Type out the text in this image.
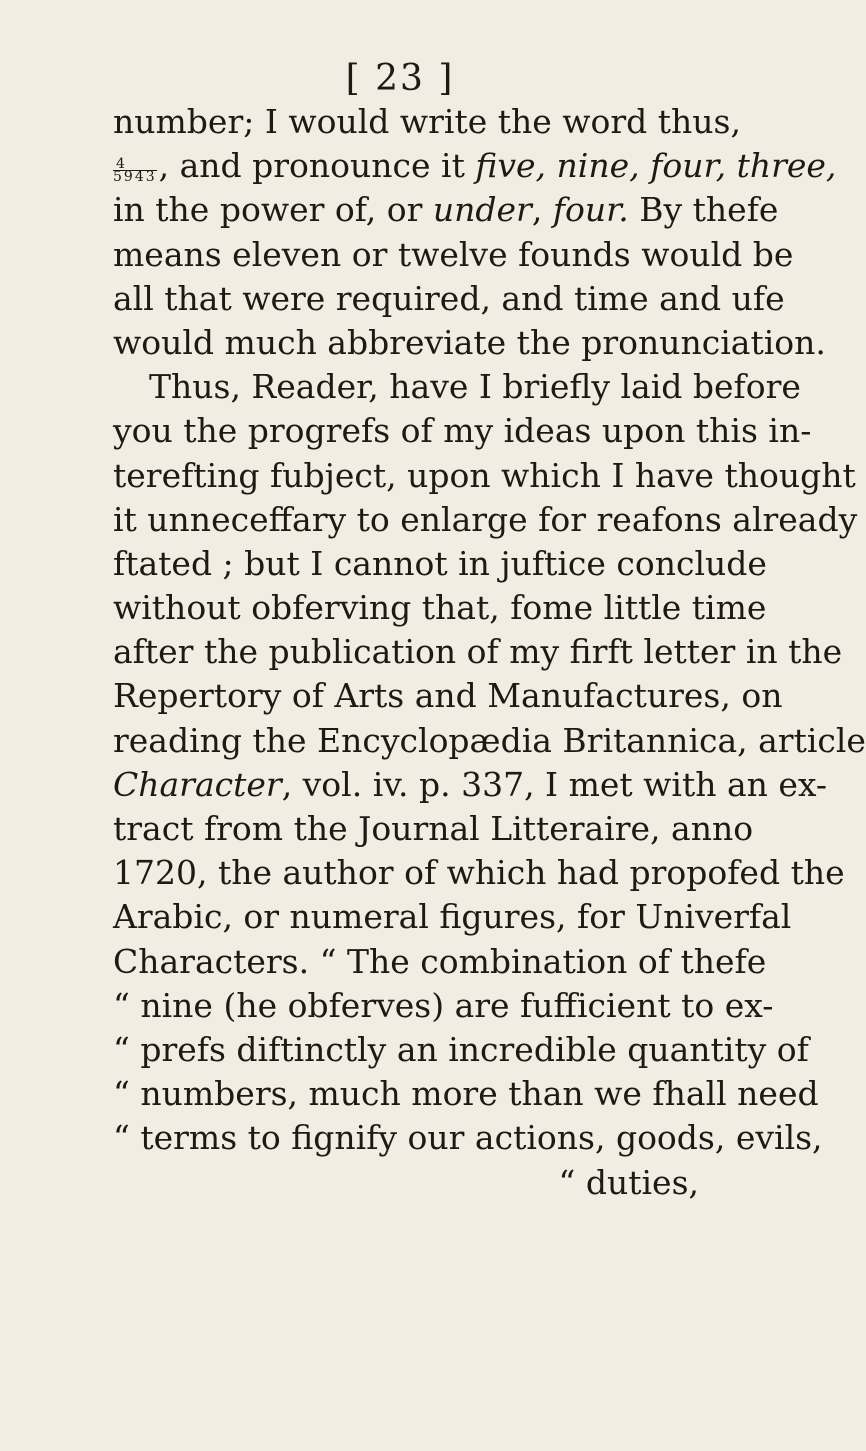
[ 23 ]
number; I would write the word thus,
$\frac{4}{5943}$ , and pronounce it five, nine, four, three,
in the power of, or under, four. By thefe
means eleven or twelve founds would be
all that were required, and time and ufe
would much abbreviate the pronunciation.
Thus, Reader, have I briefly laid before
you the progrefs of my ideas upon this in-
terefting fubject, upon which I have thought
it unneceffary to enlarge for reafons already
ftated ; but I cannot in juftice conclude
without obferving that, fome little time
after the publication of my firft letter in the
Repertory of Arts and Manufactures, on
reading the Encyclopædia Britannica, article
Character, vol. iv. p. 337, I met with an ex-
tract from the Journal Litteraire, anno
1720, the author of which had propofed the
Arabic, or numeral figures, for Univerfal
Characters. “ The combination of thefe
“ nine (he obferves) are fufficient to ex-
“ prefs diftinctly an incredible quantity of
“ numbers, much more than we fhall need
“ terms to fignify our actions, goods, evils,
“ duties,
